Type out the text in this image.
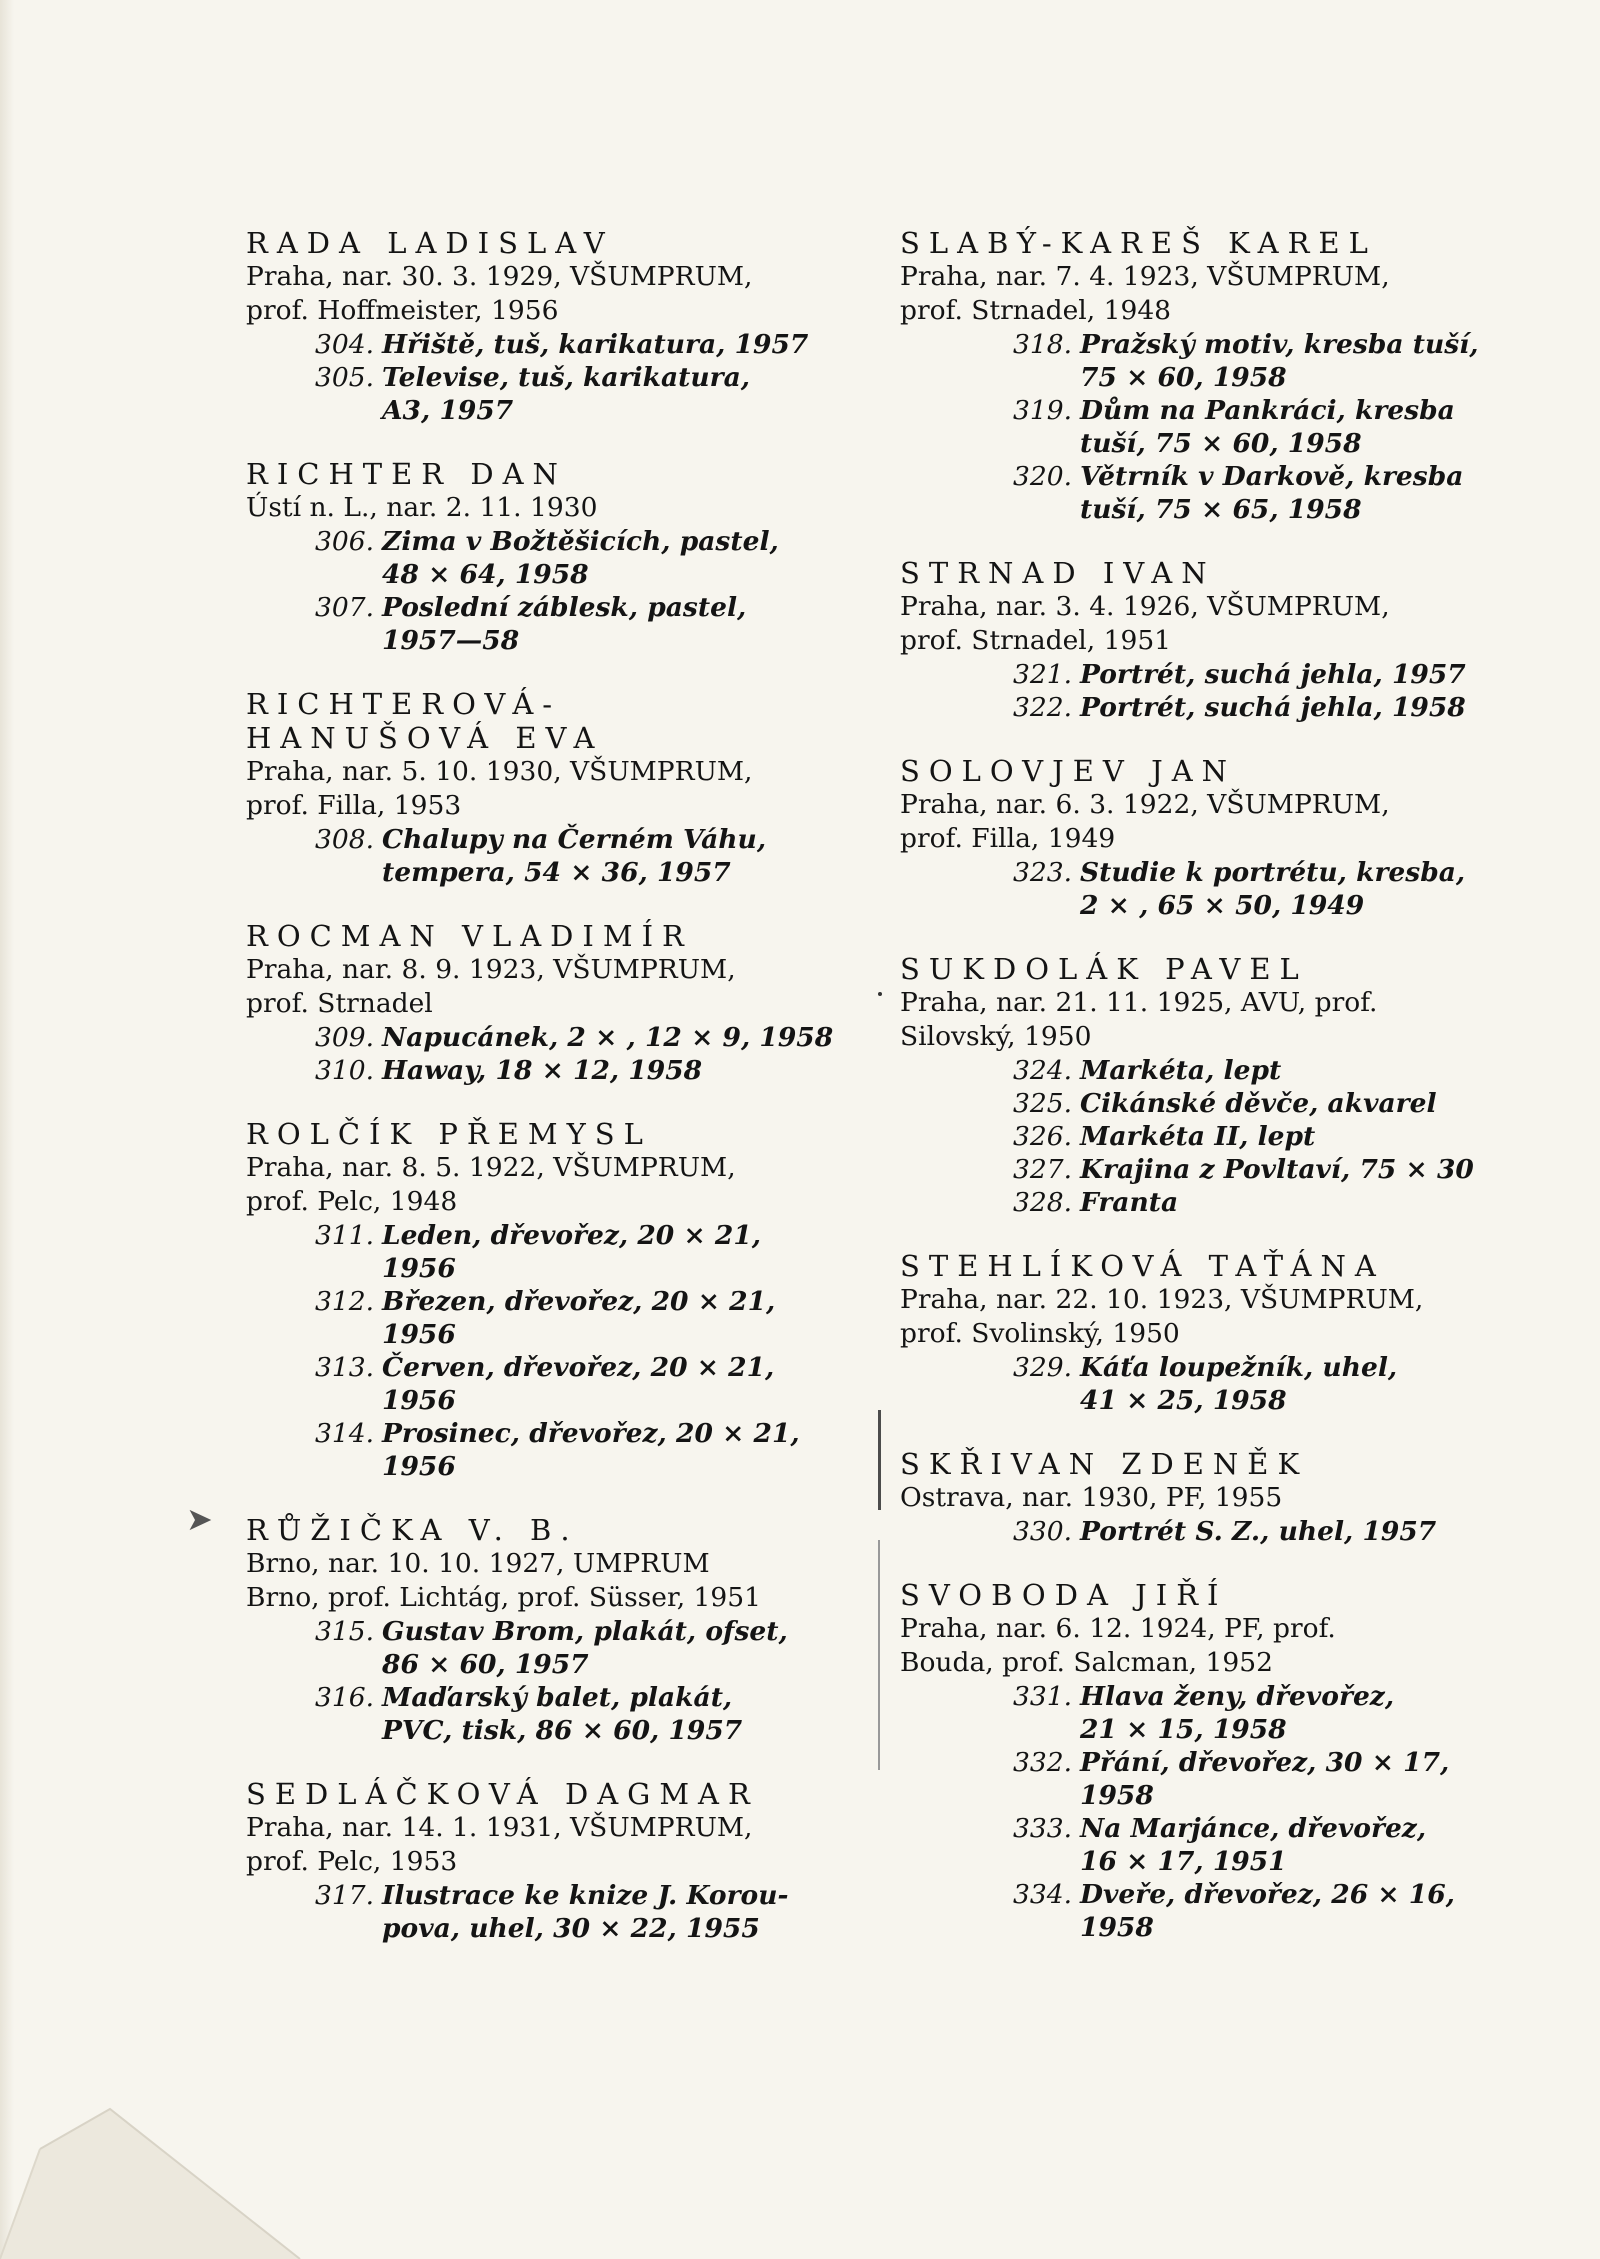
RADA LADISLAV
Praha, nar. 30. 3. 1929, VŠUMPRUM,
prof. Hoffmeister, 1956
304. Hřiště, tuš, karikatura, 1957
305. Televise, tuš, karikatura,
A3, 1957
RICHTER DAN
Ústí n. L., nar. 2. 11. 1930
306. Zima v Božtěšicích, pastel,
48 × 64, 1958
307. Poslední záblesk, pastel,
1957—58
RICHTEROVÁ-
HANUŠOVÁ EVA
Praha, nar. 5. 10. 1930, VŠUMPRUM,
prof. Filla, 1953
308. Chalupy na Černém Váhu,
tempera, 54 × 36, 1957
ROCMAN VLADIMÍR
Praha, nar. 8. 9. 1923, VŠUMPRUM,
prof. Strnadel
309. Napucánek, 2 × , 12 × 9, 1958
310. Haway, 18 × 12, 1958
ROLČÍK PŘEMYSL
Praha, nar. 8. 5. 1922, VŠUMPRUM,
prof. Pelc, 1948
311. Leden, dřevořez, 20 × 21,
1956
312. Březen, dřevořez, 20 × 21,
1956
313. Červen, dřevořez, 20 × 21,
1956
314. Prosinec, dřevořez, 20 × 21,
1956
RŮŽIČKA V. B.
Brno, nar. 10. 10. 1927, UMPRUM
Brno, prof. Lichtág, prof. Süsser, 1951
315. Gustav Brom, plakát, ofset,
86 × 60, 1957
316. Maďarský balet, plakát,
PVC, tisk, 86 × 60, 1957
SEDLÁČKOVÁ DAGMAR
Praha, nar. 14. 1. 1931, VŠUMPRUM,
prof. Pelc, 1953
317. Ilustrace ke knize J. Korou-
pova, uhel, 30 × 22, 1955
SLABÝ-KAREŠ KAREL
Praha, nar. 7. 4. 1923, VŠUMPRUM,
prof. Strnadel, 1948
318. Pražský motiv, kresba tuší,
75 × 60, 1958
319. Dům na Pankráci, kresba
tuší, 75 × 60, 1958
320. Větrník v Darkově, kresba
tuší, 75 × 65, 1958
STRNAD IVAN
Praha, nar. 3. 4. 1926, VŠUMPRUM,
prof. Strnadel, 1951
321. Portrét, suchá jehla, 1957
322. Portrét, suchá jehla, 1958
SOLOVJEV JAN
Praha, nar. 6. 3. 1922, VŠUMPRUM,
prof. Filla, 1949
323. Studie k portrétu, kresba,
2 × , 65 × 50, 1949
SUKDOLÁK PAVEL
Praha, nar. 21. 11. 1925, AVU, prof.
Silovský, 1950
324. Markéta, lept
325. Cikánské děvče, akvarel
326. Markéta II, lept
327. Krajina z Povltaví, 75 × 30
328. Franta
STEHLÍKOVÁ TAŤÁNA
Praha, nar. 22. 10. 1923, VŠUMPRUM,
prof. Svolinský, 1950
329. Káťa loupežník, uhel,
41 × 25, 1958
SKŘIVAN ZDENĚK
Ostrava, nar. 1930, PF, 1955
330. Portrét S. Z., uhel, 1957
SVOBODA JIŘÍ
Praha, nar. 6. 12. 1924, PF, prof.
Bouda, prof. Salcman, 1952
331. Hlava ženy, dřevořez,
21 × 15, 1958
332. Přání, dřevořez, 30 × 17,
1958
333. Na Marjánce, dřevořez,
16 × 17, 1951
334. Dveře, dřevořez, 26 × 16,
1958
➤
